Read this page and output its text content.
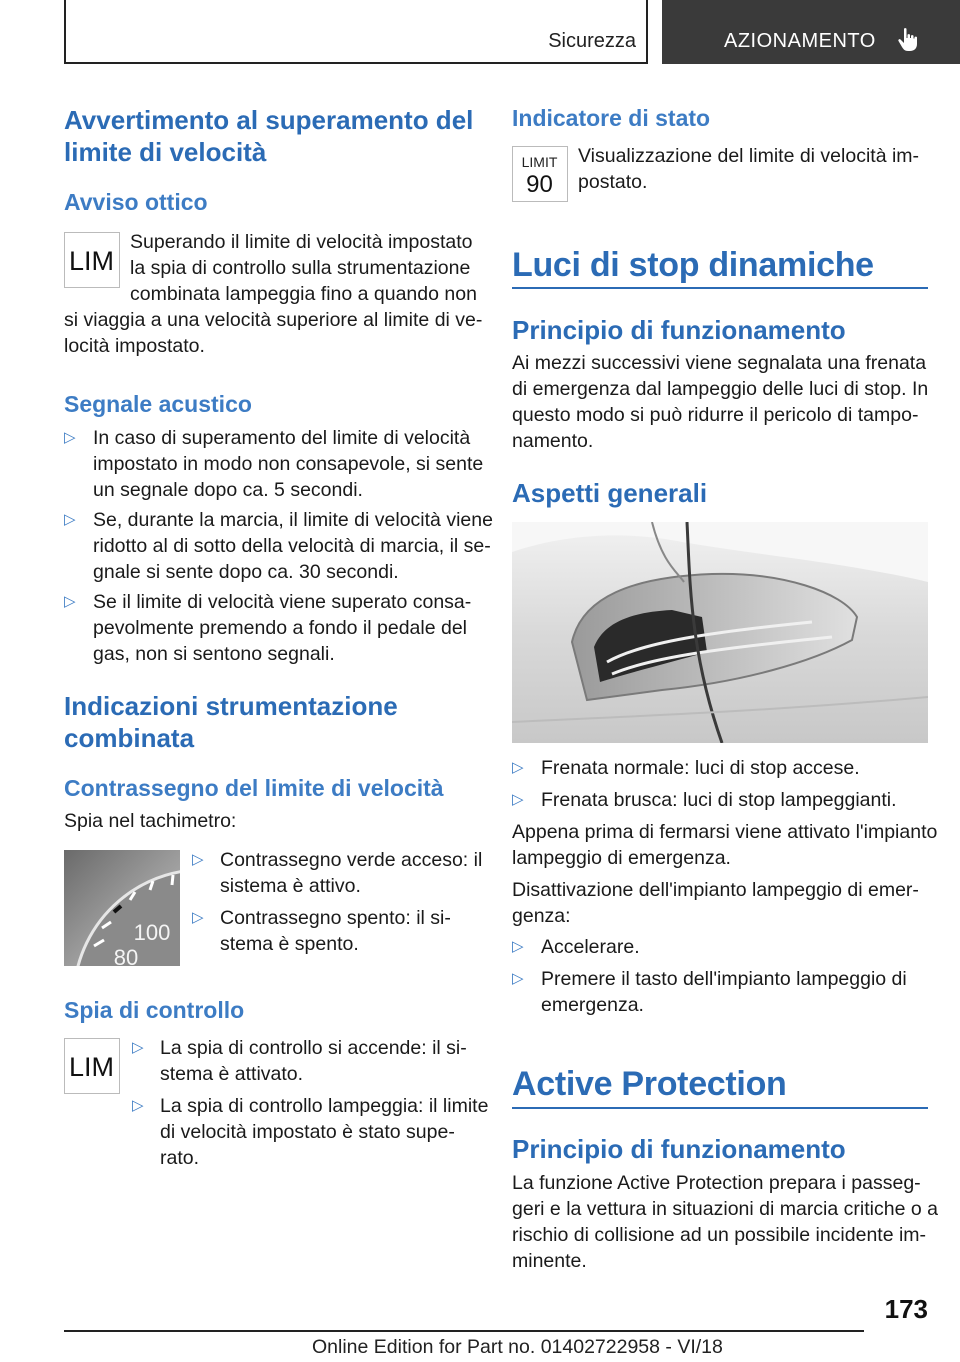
Sicurezza	AZIONAMENTO
Avvertimento al superamento del limite di velocità
Avviso ottico
LIM
Superando il limite di velocità impostato
la spia di controllo sulla strumentazione
combinata lampeggia fino a quando non
si viaggia a una velocità superiore al limite di ve-
locità impostato.
Segnale acustico
▷ In caso di superamento del limite di velocità
impostato in modo non consapevole, si sente
un segnale dopo ca. 5 secondi.
▷ Se, durante la marcia, il limite di velocità viene
ridotto al di sotto della velocità di marcia, il se-
gnale si sente dopo ca. 30 secondi.
▷ Se il limite di velocità viene superato consa-
pevolmente premendo a fondo il pedale del
gas, non si sentono segnali.
Indicazioni strumentazione combinata
Contrassegno del limite di velocità
Spia nel tachimetro:
100
80
▷ Contrassegno verde acceso: il
sistema è attivo.
▷ Contrassegno spento: il si-
stema è spento.
Spia di controllo
LIM
▷ La spia di controllo si accende: il si-
stema è attivato.
▷ La spia di controllo lampeggia: il limite
di velocità impostato è stato supe-
rato.
Indicatore di stato
LIMIT
90
Visualizzazione del limite di velocità im-
postato.
Luci di stop dinamiche
Principio di funzionamento
Ai mezzi successivi viene segnalata una frenata
di emergenza dal lampeggio delle luci di stop. In
questo modo si può ridurre il pericolo di tampo-
namento.
Aspetti generali
▷ Frenata normale: luci di stop accese.
▷ Frenata brusca: luci di stop lampeggianti.
Appena prima di fermarsi viene attivato l'impianto
lampeggio di emergenza.
Disattivazione dell'impianto lampeggio di emer-
genza:
▷ Accelerare.
▷ Premere il tasto dell'impianto lampeggio di
emergenza.
Active Protection
Principio di funzionamento
La funzione Active Protection prepara i passeg-
geri e la vettura in situazioni di marcia critiche o a
rischio di collisione ad un possibile incidente im-
minente.
173
Online Edition for Part no. 01402722958 - VI/18
